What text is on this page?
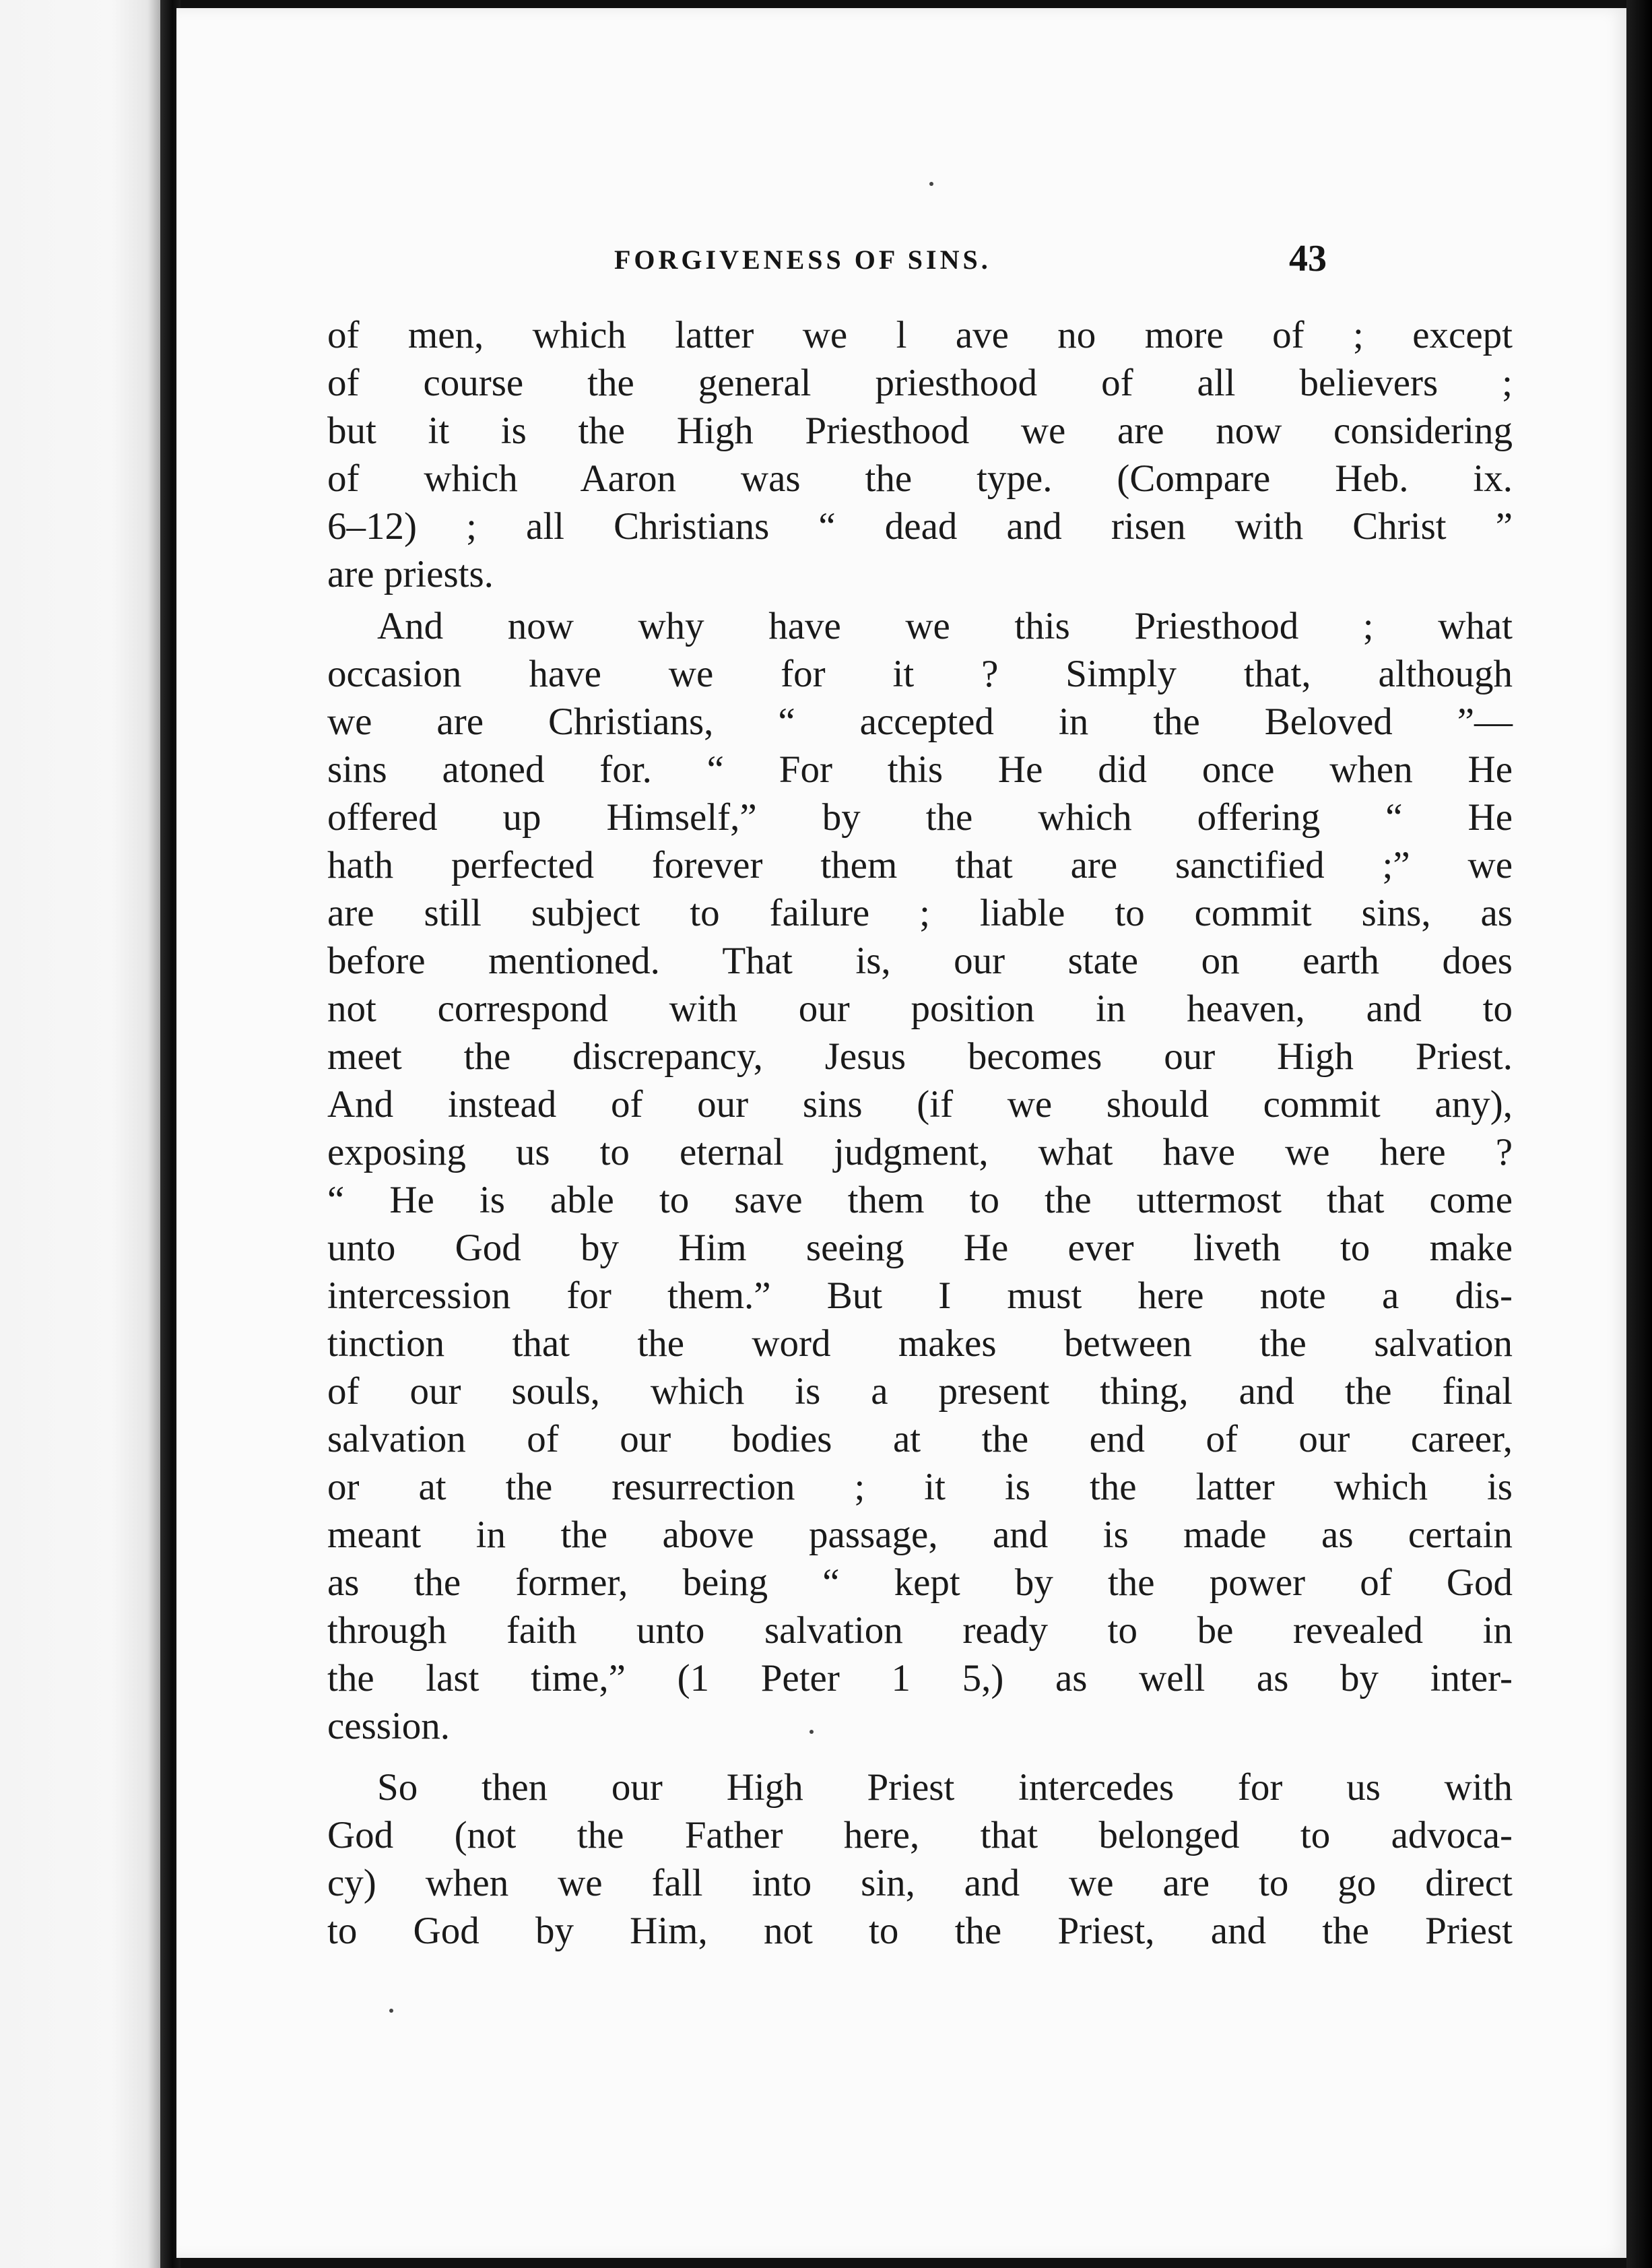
FORGIVENESS OF SINS.	43
of men, which latter we l ave no more of ; except
of course the general priesthood of all believers ;
but it is the High Priesthood we are now considering
of which Aaron was the type. (Compare Heb. ix.
6–12) ; all Christians “ dead and risen with Christ ”
are priests.
And now why have we this Priesthood ; what
occasion have we for it ? Simply that, although
we are Christians, “ accepted in the Beloved ”—
sins atoned for. “ For this He did once when He
offered up Himself,” by the which offering “ He
hath perfected forever them that are sanctified ;” we
are still subject to failure ; liable to commit sins, as
before mentioned. That is, our state on earth does
not correspond with our position in heaven, and to
meet the discrepancy, Jesus becomes our High Priest.
And instead of our sins (if we should commit any),
exposing us to eternal judgment, what have we here ?
“ He is able to save them to the uttermost that come
unto God by Him seeing He ever liveth to make
intercession for them.” But I must here note a dis-
tinction that the word makes between the salvation
of our souls, which is a present thing, and the final
salvation of our bodies at the end of our career,
or at the resurrection ; it is the latter which is
meant in the above passage, and is made as certain
as the former, being “ kept by the power of God
through faith unto salvation ready to be revealed in
the last time,” (1 Peter 1 5,) as well as by inter-
cession.
So then our High Priest intercedes for us with
God (not the Father here, that belonged to advoca-
cy) when we fall into sin, and we are to go direct
to God by Him, not to the Priest, and the Priest
